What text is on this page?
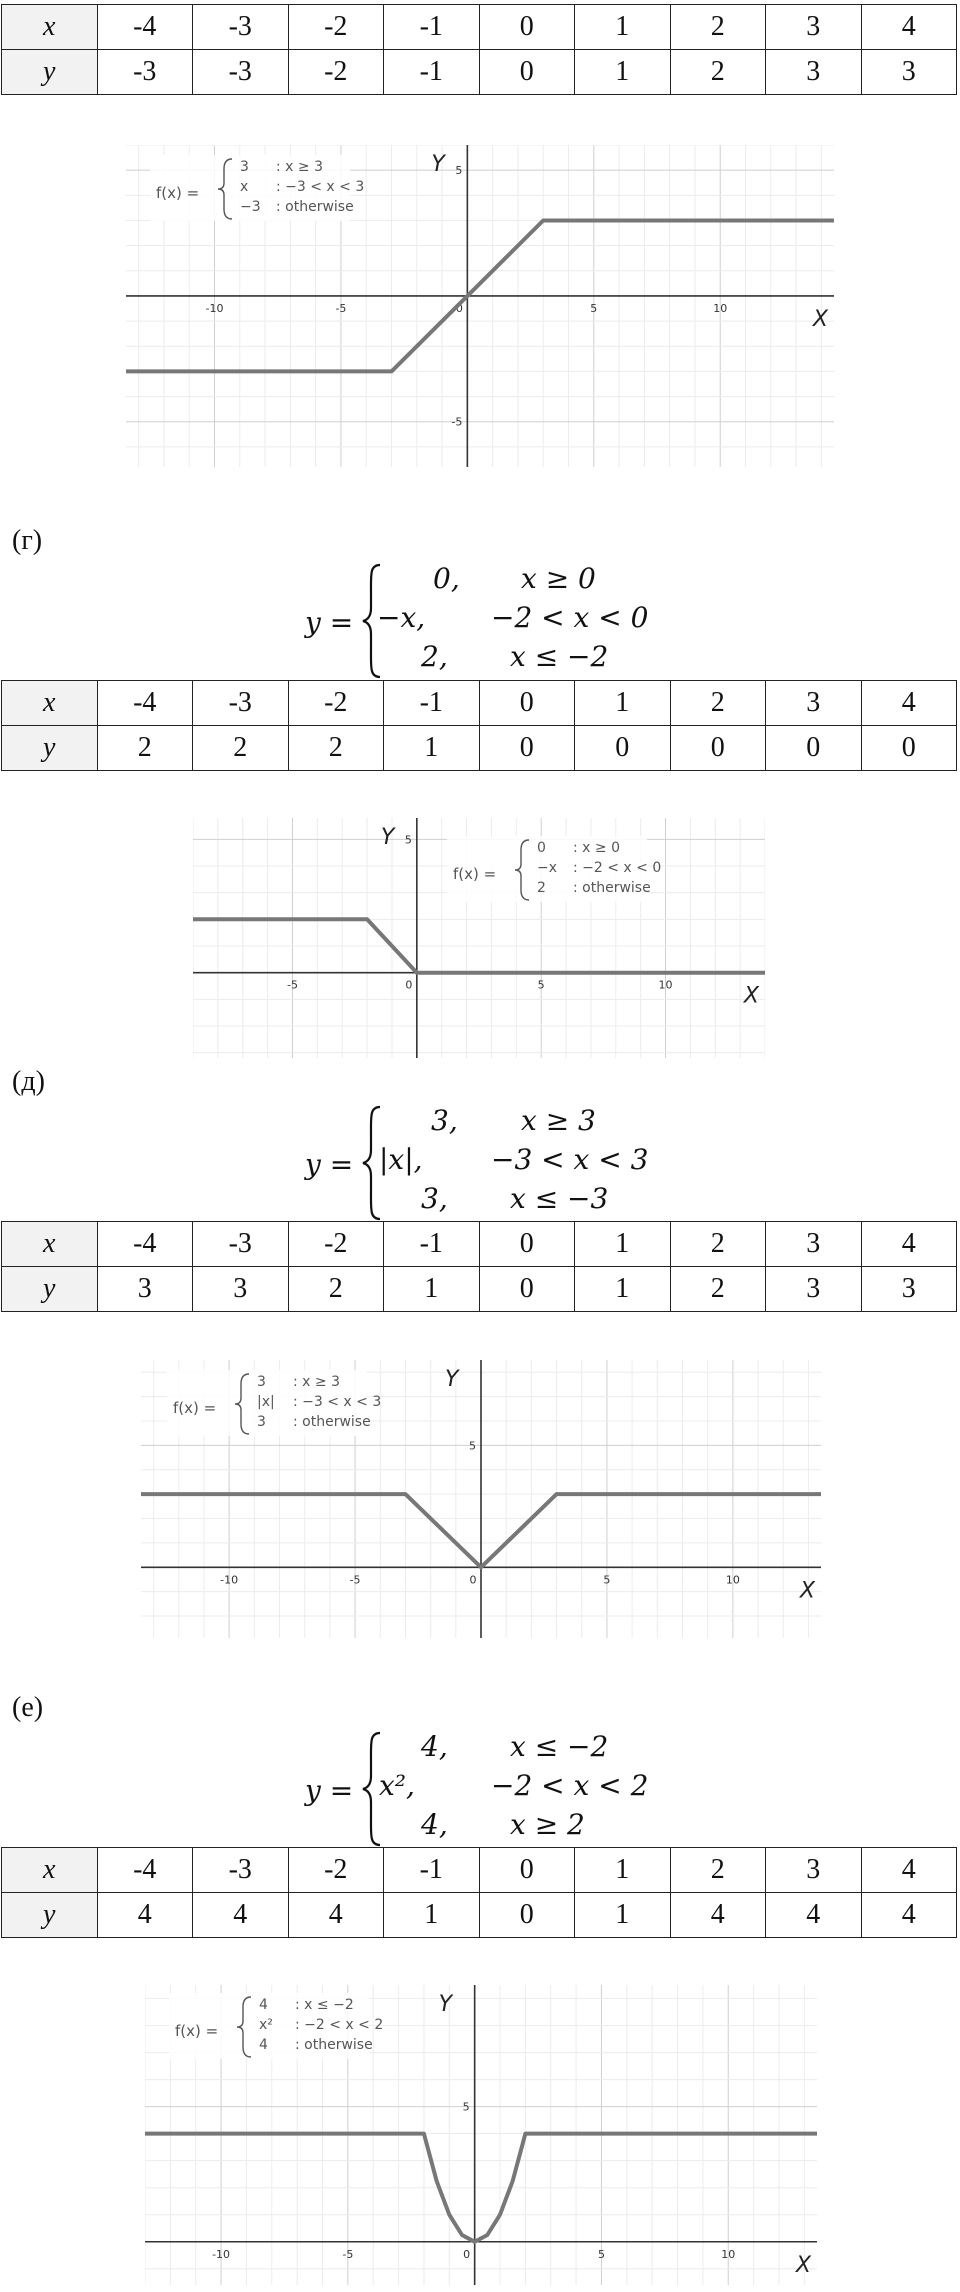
x	-4	-3	-2	-1	0	1	2	3	4
y	-3	-3	-2	-1	0	1	2	3	3
-10	-5	0	5	10
5
-5
X
Y
f(x) =
3 : x ≥ 3
x : −3 < x < 3
−3 : otherwise
(г)
y =
0, x ≥ 0
−x, −2 < x < 0
2, x ≤ −2
x	-4	-3	-2	-1	0	1	2	3	4
y	2	2	2	1	0	0	0	0	0
-5	0	5	10
5
X
Y
f(x) =
0 : x ≥ 0
−x : −2 < x < 0
2 : otherwise
(д)
y =
3, x ≥ 3
|x|, −3 < x < 3
3, x ≤ −3
x	-4	-3	-2	-1	0	1	2	3	4
y	3	3	2	1	0	1	2	3	3
-10	-5	0	5	10
5
X
Y
f(x) =
3 : x ≥ 3
|x| : −3 < x < 3
3 : otherwise
(е)
y =
4, x ≤ −2
x²,	−2 < x < 2
4, x ≥ 2
x	-4	-3	-2	-1	0	1	2	3	4
y	4	4	4	1	0	1	4	4	4
-10	-5	0	5	10
5
X
Y
f(x) =
4 : x ≤ −2
x² : −2 < x < 2
4 : otherwise
